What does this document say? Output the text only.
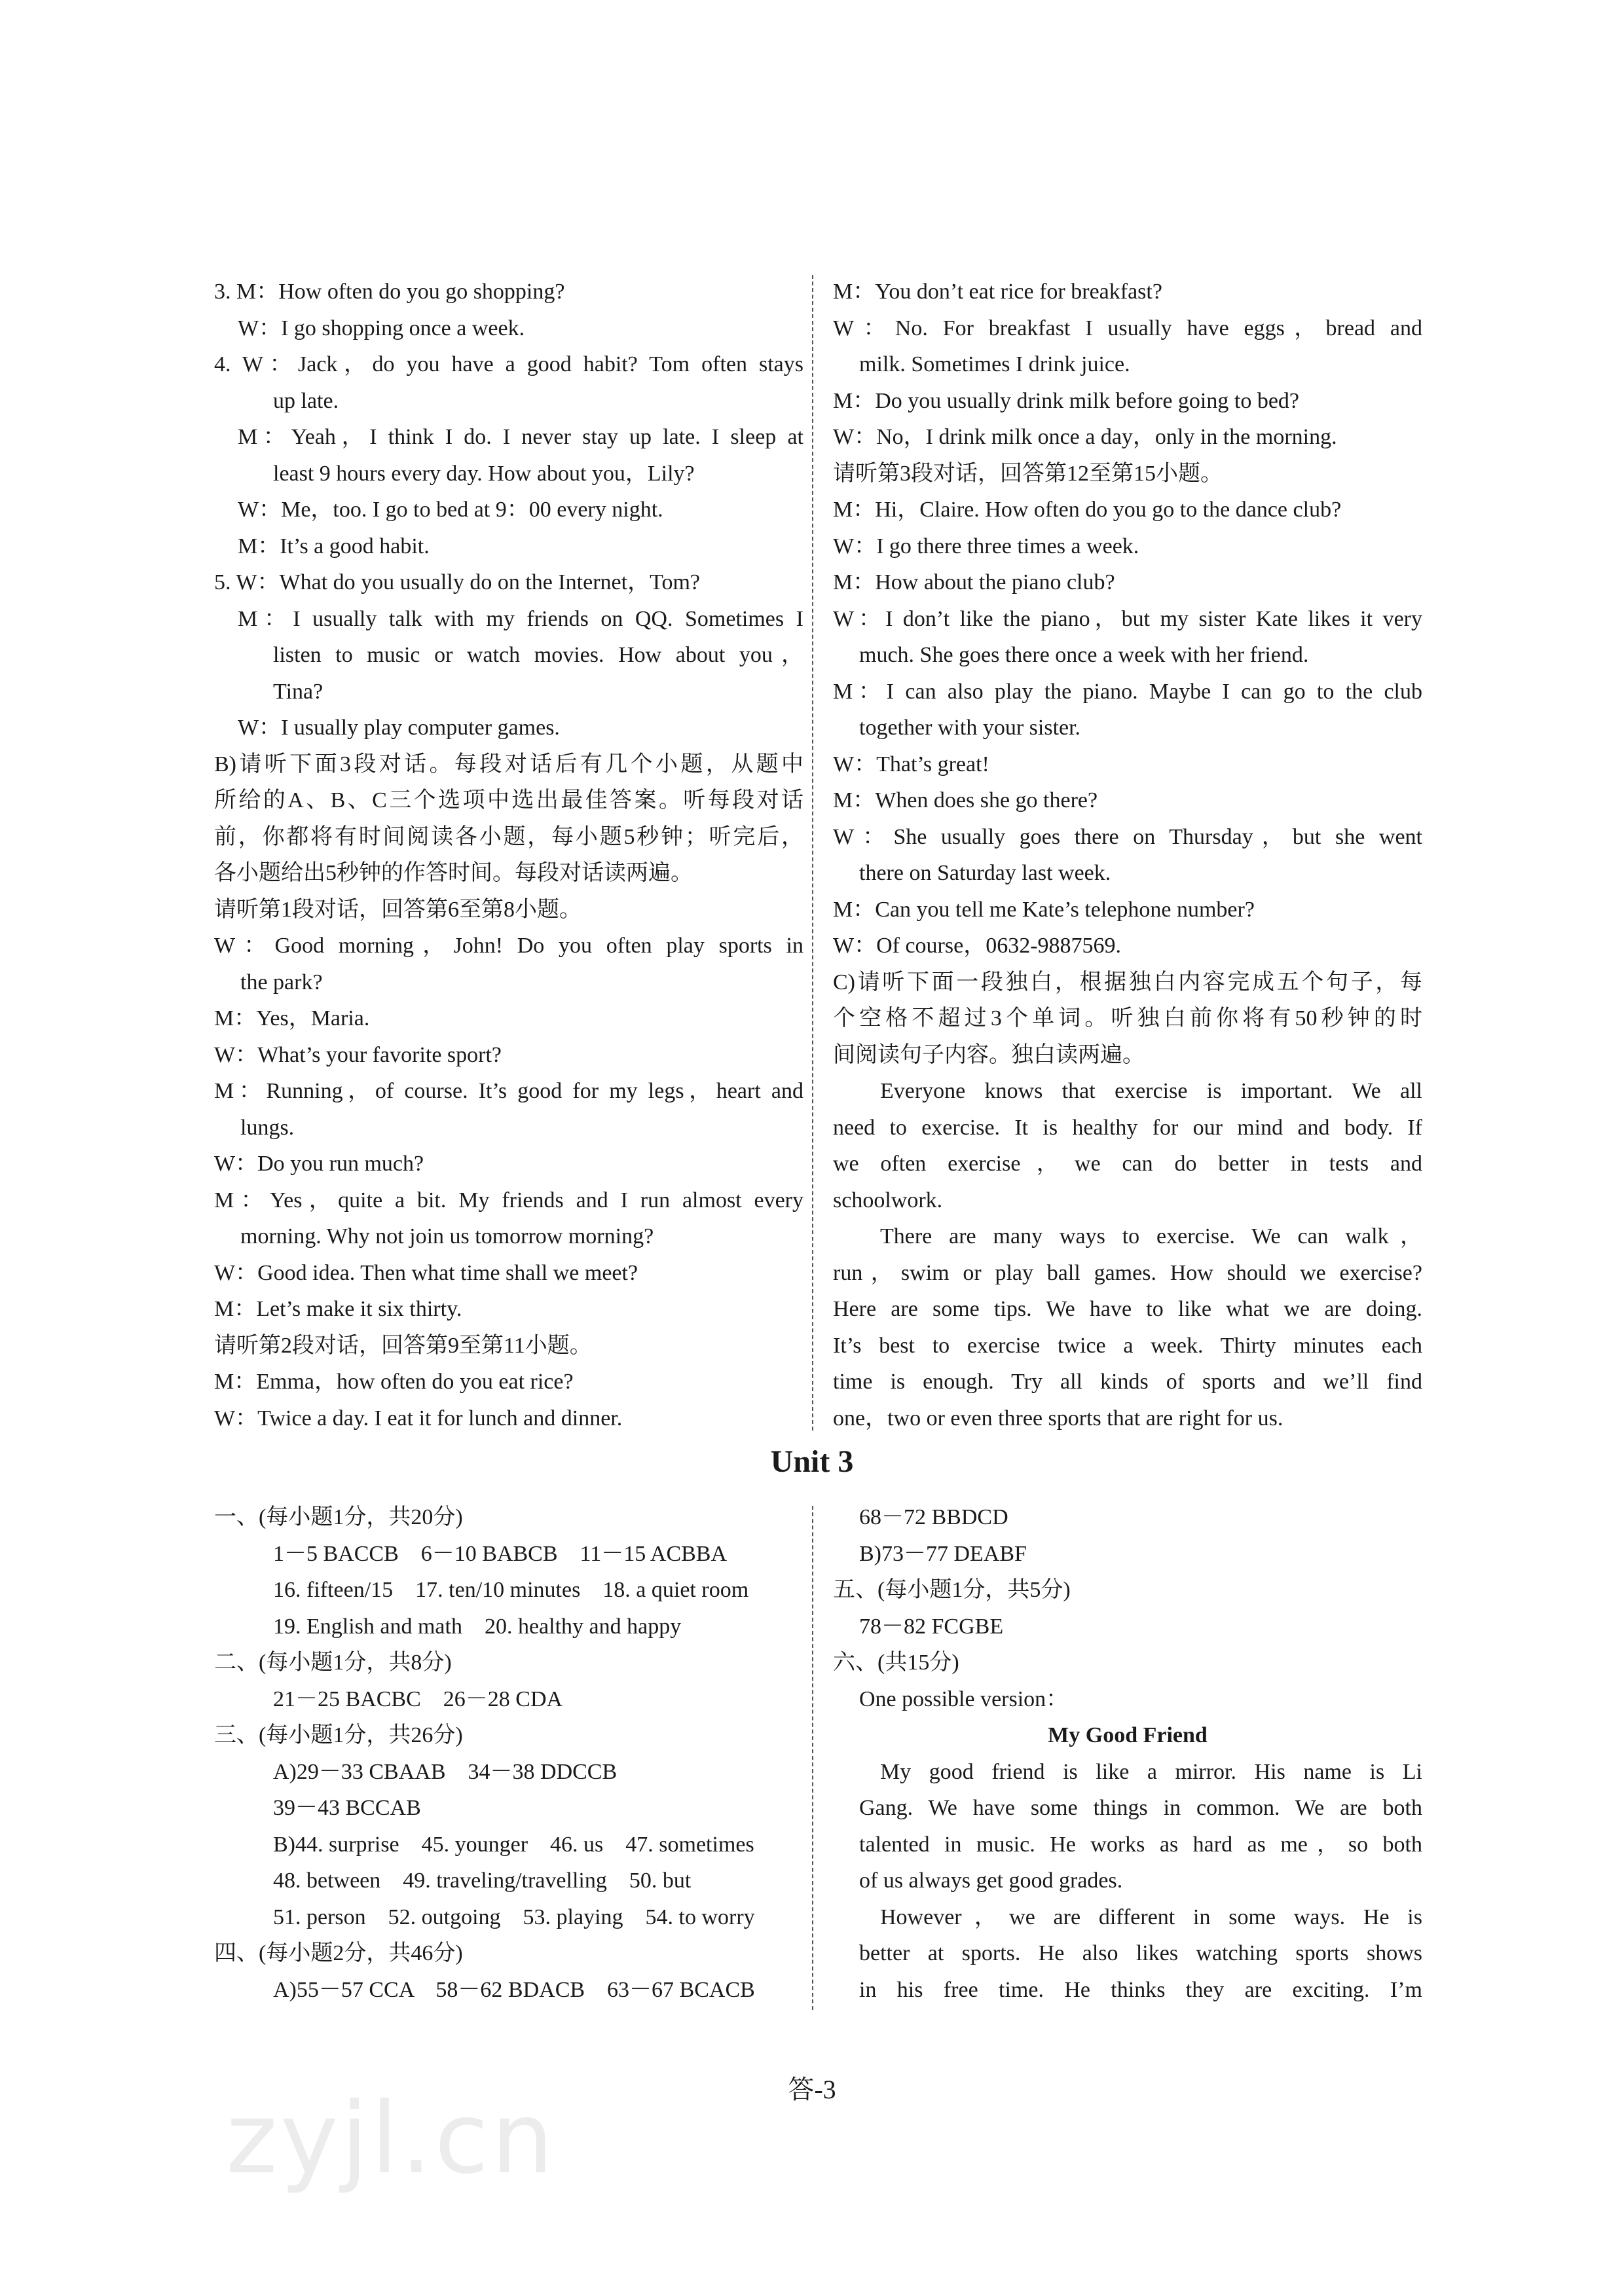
3. M：How often do you go shopping?
W：I go shopping once a week.
4. W：Jack，do you have a good habit? Tom often stays
up late.
M：Yeah，I think I do. I never stay up late. I sleep at
least 9 hours every day. How about you，Lily?
W：Me，too. I go to bed at 9：00 every night.
M：It’s a good habit.
5. W：What do you usually do on the Internet，Tom?
M：I usually talk with my friends on QQ. Sometimes I
listen to music or watch movies. How about you，
Tina?
W：I usually play computer games.
B)请听下面3段对话。每段对话后有几个小题，从题中
所给的A、B、C三个选项中选出最佳答案。听每段对话
前，你都将有时间阅读各小题，每小题5秒钟；听完后，
各小题给出5秒钟的作答时间。每段对话读两遍。
请听第1段对话，回答第6至第8小题。
W：Good morning，John! Do you often play sports in
the park?
M：Yes，Maria.
W：What’s your favorite sport?
M：Running，of course. It’s good for my legs，heart and
lungs.
W：Do you run much?
M：Yes，quite a bit. My friends and I run almost every
morning. Why not join us tomorrow morning?
W：Good idea. Then what time shall we meet?
M：Let’s make it six thirty.
请听第2段对话，回答第9至第11小题。
M：Emma，how often do you eat rice?
W：Twice a day. I eat it for lunch and dinner.
M：You don’t eat rice for breakfast?
W：No. For breakfast I usually have eggs，bread and
milk. Sometimes I drink juice.
M：Do you usually drink milk before going to bed?
W：No，I drink milk once a day，only in the morning.
请听第3段对话，回答第12至第15小题。
M：Hi，Claire. How often do you go to the dance club?
W：I go there three times a week.
M：How about the piano club?
W：I don’t like the piano，but my sister Kate likes it very
much. She goes there once a week with her friend.
M：I can also play the piano. Maybe I can go to the club
together with your sister.
W：That’s great!
M：When does she go there?
W：She usually goes there on Thursday，but she went
there on Saturday last week.
M：Can you tell me Kate’s telephone number?
W：Of course，0632-9887569.
C)请听下面一段独白，根据独白内容完成五个句子，每
个空格不超过3个单词。听独白前你将有50秒钟的时
间阅读句子内容。独白读两遍。
Everyone knows that exercise is important. We all
need to exercise. It is healthy for our mind and body. If
we often exercise，we can do better in tests and
schoolwork.
There are many ways to exercise. We can walk，
run，swim or play ball games. How should we exercise?
Here are some tips. We have to like what we are doing.
It’s best to exercise twice a week. Thirty minutes each
time is enough. Try all kinds of sports and we’ll find
one，two or even three sports that are right for us.
Unit 3
一、(每小题1分，共20分)
1－5 BACCB　6－10 BABCB　11－15 ACBBA
16. fifteen/15　17. ten/10 minutes　18. a quiet room
19. English and math　20. healthy and happy
二、(每小题1分，共8分)
21－25 BACBC　26－28 CDA
三、(每小题1分，共26分)
A)29－33 CBAAB　34－38 DDCCB
39－43 BCCAB
B)44. surprise　45. younger　46. us　47. sometimes
48. between　49. traveling/travelling　50. but
51. person　52. outgoing　53. playing　54. to worry
四、(每小题2分，共46分)
A)55－57 CCA　58－62 BDACB　63－67 BCACB
68－72 BBDCD
B)73－77 DEABF
五、(每小题1分，共5分)
78－82 FCGBE
六、(共15分)
One possible version：
My Good Friend
My good friend is like a mirror. His name is Li
Gang. We have some things in common. We are both
talented in music. He works as hard as me，so both
of us always get good grades.
However，we are different in some ways. He is
better at sports. He also likes watching sports shows
in his free time. He thinks they are exciting. I’m
答-3
zyjl.cn
